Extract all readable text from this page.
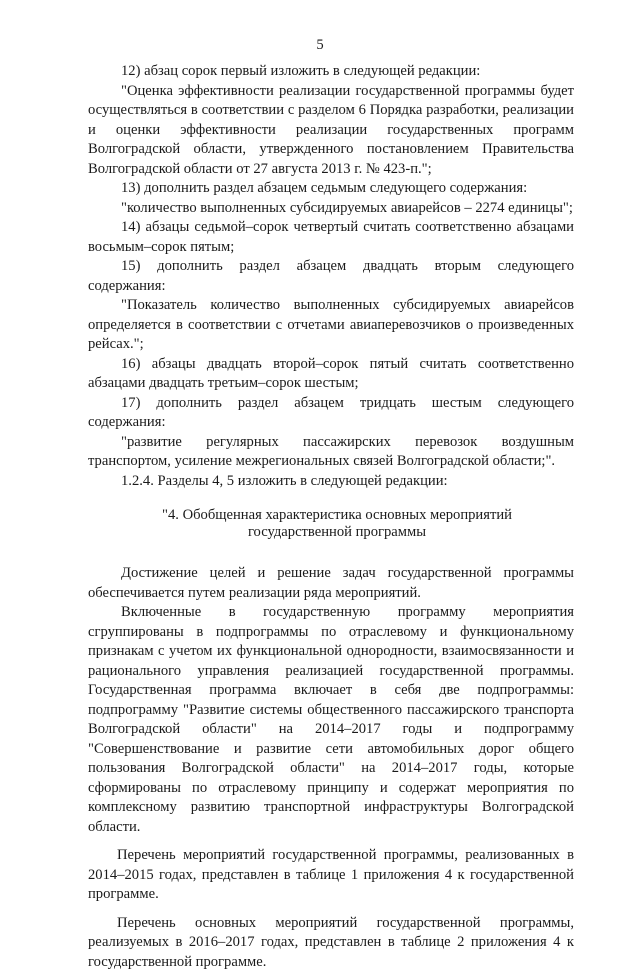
5

12) абзац сорок первый изложить в следующей редакции:

"Оценка эффективности реализации государственной программы будет осуществляться в соответствии с разделом 6 Порядка разработки, реализации и оценки эффективности реализации государственных программ Волгоградской области, утвержденного постановлением Правительства Волгоградской области от 27 августа 2013 г. № 423-п.";

13) дополнить раздел абзацем седьмым следующего содержания:

"количество выполненных субсидируемых авиарейсов – 2274 единицы";

14) абзацы седьмой–сорок четвертый считать соответственно абзацами восьмым–сорок пятым;

15) дополнить раздел абзацем двадцать вторым следующего содержания:

"Показатель количество выполненных субсидируемых авиарейсов определяется в соответствии с отчетами авиаперевозчиков о произведенных рейсах.";

16) абзацы двадцать второй–сорок пятый считать соответственно абзацами двадцать третьим–сорок шестым;

17) дополнить раздел абзацем тридцать шестым следующего содержания:

"развитие регулярных пассажирских перевозок воздушным транспортом, усиление межрегиональных связей Волгоградской области;".

1.2.4. Разделы 4, 5 изложить в следующей редакции:

"4. Обобщенная характеристика основных мероприятий

государственной программы

Достижение целей и решение задач государственной программы обеспечивается путем реализации ряда мероприятий.

Включенные в государственную программу мероприятия сгруппированы в подпрограммы по отраслевому и функциональному признакам с учетом их функциональной однородности, взаимосвязанности и рационального управления реализацией государственной программы. Государственная программа включает в себя две подпрограммы: подпрограмму "Развитие системы общественного пассажирского транспорта Волгоградской области" на 2014–2017 годы и подпрограмму "Совершенствование и развитие сети автомобильных дорог общего пользования Волгоградской области" на 2014–2017 годы, которые сформированы по отраслевому принципу и содержат мероприятия по комплексному развитию транспортной инфраструктуры Волгоградской области.

Перечень мероприятий государственной программы, реализованных в 2014–2015 годах, представлен в таблице 1 приложения 4 к государственной программе.

Перечень основных мероприятий государственной программы, реализуемых в 2016–2017 годах, представлен в таблице 2 приложения 4 к государственной программе.
